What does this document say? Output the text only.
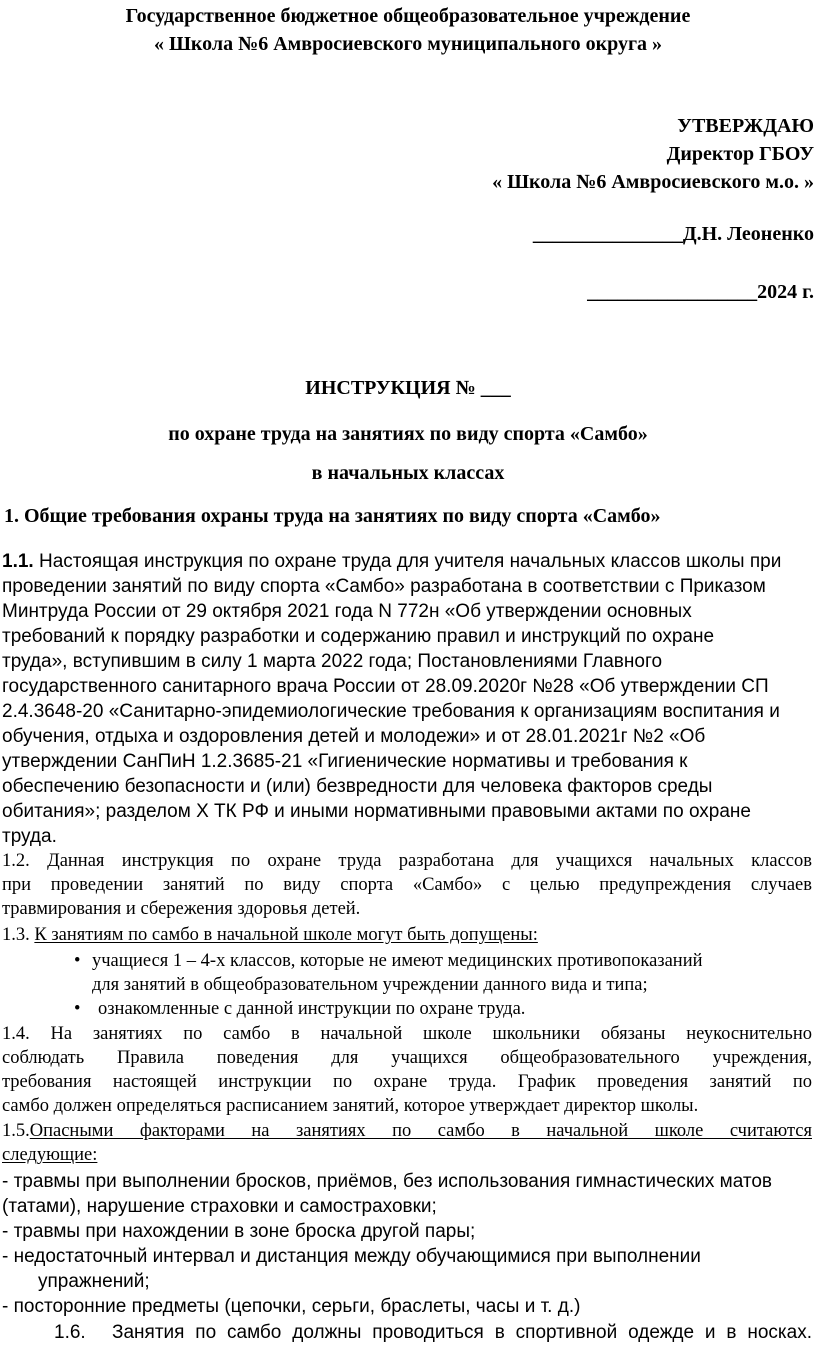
Государственное бюджетное общеобразовательное учреждение
« Школа №6 Амвросиевского муниципального округа »
УТВЕРЖДАЮ
Директор ГБОУ
« Школа №6 Амвросиевского м.о. »
_______________Д.Н. Леоненко
_________________2024 г.
ИНСТРУКЦИЯ № ___
по охране труда на занятиях по виду спорта «Самбо»
в начальных классах
1. Общие требования охраны труда на занятиях по виду спорта «Самбо»
1.1. Настоящая инструкция по охране труда для учителя начальных классов школы при
проведении занятий по виду спорта «Самбо» разработана в соответствии с Приказом
Минтруда России от 29 октября 2021 года N 772н «Об утверждении основных
требований к порядку разработки и содержанию правил и инструкций по охране
труда», вступившим в силу 1 марта 2022 года; Постановлениями Главного
государственного санитарного врача России от 28.09.2020г №28 «Об утверждении СП
2.4.3648-20 «Санитарно-эпидемиологические требования к организациям воспитания и
обучения, отдыха и оздоровления детей и молодежи» и от 28.01.2021г №2 «Об
утверждении СанПиН 1.2.3685-21 «Гигиенические нормативы и требования к
обеспечению безопасности и (или) безвредности для человека факторов среды
обитания»; разделом X ТК РФ и иными нормативными правовыми актами по охране
труда.
1.2. Данная инструкция по охране труда разработана для учащихся начальных классов
при проведении занятий по виду спорта «Самбо» с целью предупреждения случаев
травмирования и сбережения здоровья детей.
1.3. К занятиям по самбо в начальной школе могут быть допущены:
• учащиеся 1 – 4-х классов, которые не имеют медицинских противопоказаний
для занятий в общеобразовательном учреждении данного вида и типа;
• ознакомленные с данной инструкции по охране труда.
1.4. На занятиях по самбо в начальной школе школьники обязаны неукоснительно
соблюдать Правила поведения для учащихся общеобразовательного учреждения,
требования настоящей инструкции по охране труда. График проведения занятий по
самбо должен определяться расписанием занятий, которое утверждает директор школы.
1.5. Опасными факторами на занятиях по самбо в начальной школе считаются
следующие:
- травмы при выполнении бросков, приёмов, без использования гимнастических матов
(татами), нарушение страховки и самостраховки;
- травмы при нахождении в зоне броска другой пары;
- недостаточный интервал и дистанция между обучающимися при выполнении
упражнений;
- посторонние предметы (цепочки, серьги, браслеты, часы и т. д.)
1.6. Занятия по самбо должны проводиться в спортивной одежде и в носках.
